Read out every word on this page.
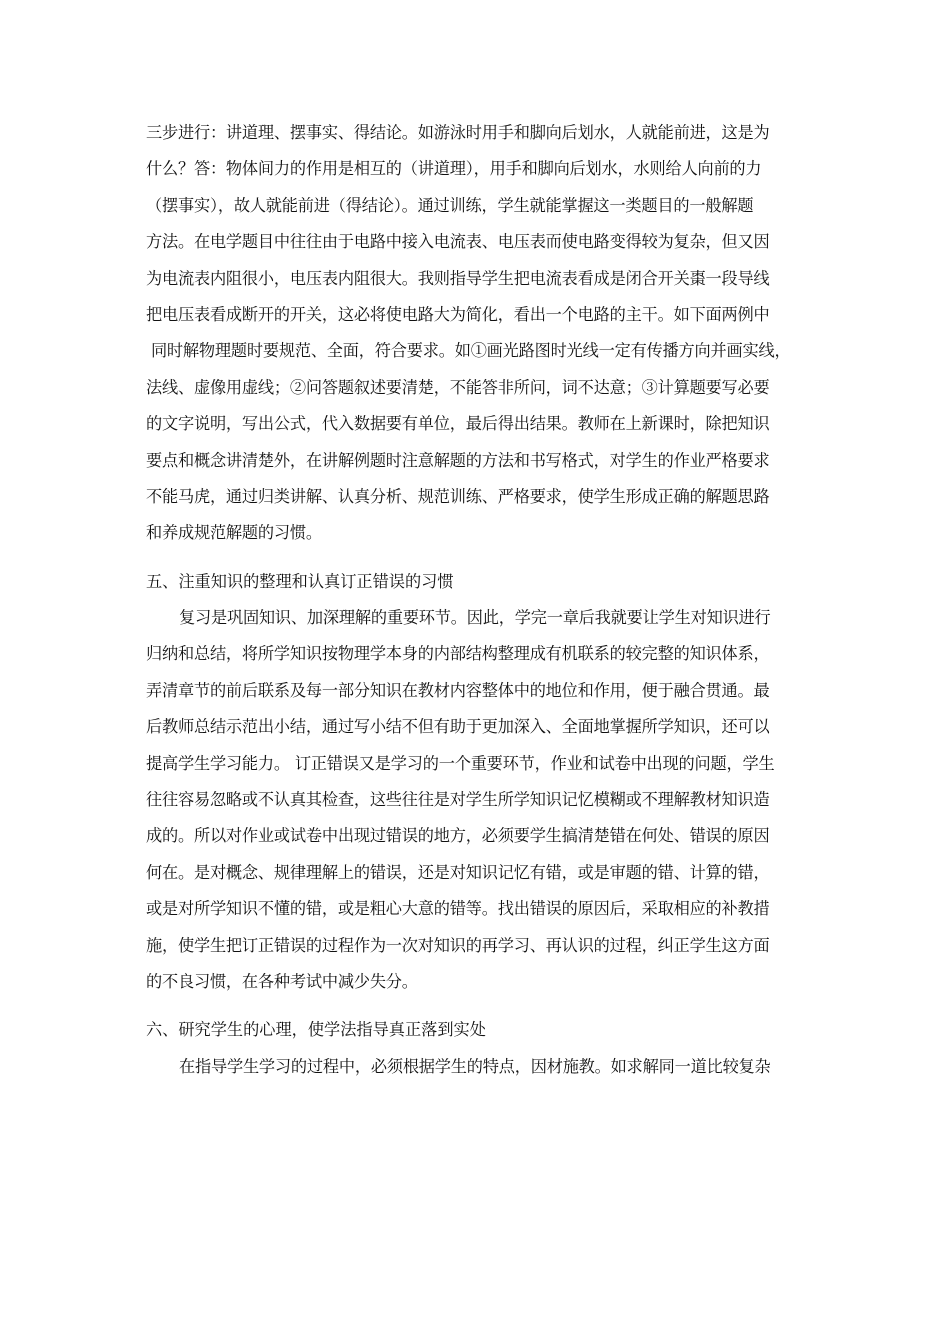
三步进行：讲道理、摆事实、得结论。如游泳时用手和脚向后划水，人就能前进，这是为
什么？答：物体间力的作用是相互的（讲道理），用手和脚向后划水，水则给人向前的力
（摆事实），故人就能前进（得结论）。通过训练，学生就能掌握这一类题目的一般解题
方法。在电学题目中往往由于电路中接入电流表、电压表而使电路变得较为复杂，但又因
为电流表内阻很小，电压表内阻很大。我则指导学生把电流表看成是闭合开关棗一段导线
把电压表看成断开的开关，这必将使电路大为简化，看出一个电路的主干。如下面两例中
同时解物理题时要规范、全面，符合要求。如①画光路图时光线一定有传播方向并画实线，
法线、虚像用虚线；②问答题叙述要清楚，不能答非所问，词不达意；③计算题要写必要
的文字说明，写出公式，代入数据要有单位，最后得出结果。教师在上新课时，除把知识
要点和概念讲清楚外，在讲解例题时注意解题的方法和书写格式，对学生的作业严格要求
不能马虎，通过归类讲解、认真分析、规范训练、严格要求，使学生形成正确的解题思路
和养成规范解题的习惯。
五、注重知识的整理和认真订正错误的习惯
复习是巩固知识、加深理解的重要环节。因此，学完一章后我就要让学生对知识进行
归纳和总结，将所学知识按物理学本身的内部结构整理成有机联系的较完整的知识体系，
弄清章节的前后联系及每一部分知识在教材内容整体中的地位和作用，便于融合贯通。最
后教师总结示范出小结，通过写小结不但有助于更加深入、全面地掌握所学知识，还可以
提高学生学习能力。 订正错误又是学习的一个重要环节，作业和试卷中出现的问题，学生
往往容易忽略或不认真其检查，这些往往是对学生所学知识记忆模糊或不理解教材知识造
成的。所以对作业或试卷中出现过错误的地方，必须要学生搞清楚错在何处、错误的原因
何在。是对概念、规律理解上的错误，还是对知识记忆有错，或是审题的错、计算的错，
或是对所学知识不懂的错，或是粗心大意的错等。找出错误的原因后，采取相应的补教措
施，使学生把订正错误的过程作为一次对知识的再学习、再认识的过程，纠正学生这方面
的不良习惯，在各种考试中减少失分。
六、研究学生的心理，使学法指导真正落到实处
在指导学生学习的过程中，必须根据学生的特点，因材施教。如求解同一道比较复杂
